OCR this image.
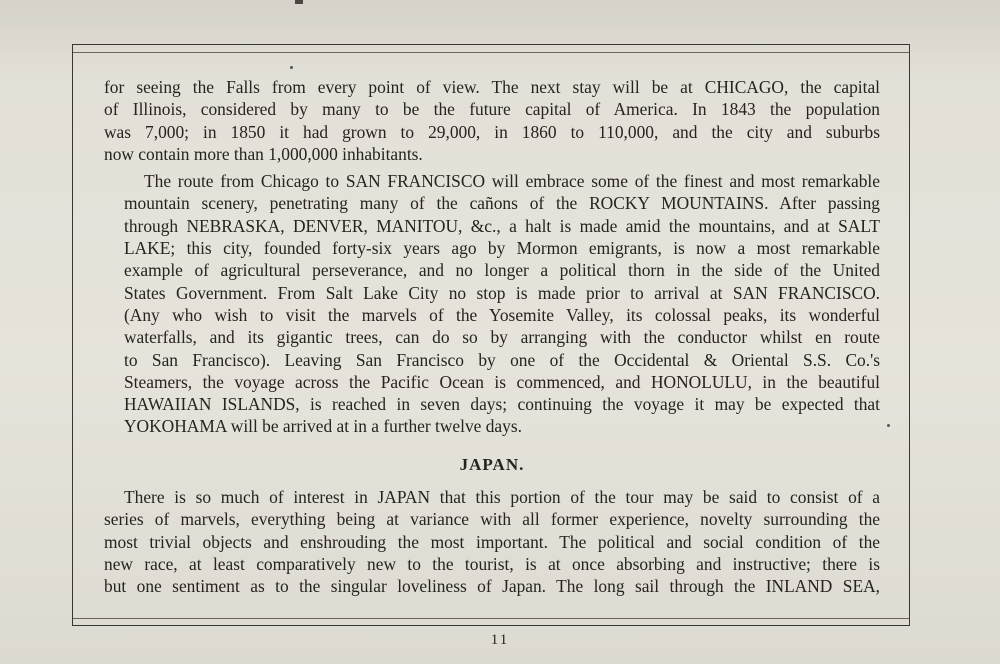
for seeing the Falls from every point of view. The next stay will be at CHICAGO, the capital
of Illinois, considered by many to be the future capital of America. In 1843 the population
was 7,000; in 1850 it had grown to 29,000, in 1860 to 110,000, and the city and suburbs
now contain more than 1,000,000 inhabitants.

The route from Chicago to SAN FRANCISCO will embrace some of the finest and most remarkable
mountain scenery, penetrating many of the cañons of the ROCKY MOUNTAINS. After passing
through NEBRASKA, DENVER, MANITOU, &c., a halt is made amid the mountains, and at SALT
LAKE; this city, founded forty-six years ago by Mormon emigrants, is now a most remarkable
example of agricultural perseverance, and no longer a political thorn in the side of the United
States Government. From Salt Lake City no stop is made prior to arrival at SAN FRANCISCO.
(Any who wish to visit the marvels of the Yosemite Valley, its colossal peaks, its wonderful
waterfalls, and its gigantic trees, can do so by arranging with the conductor whilst en route
to San Francisco). Leaving San Francisco by one of the Occidental & Oriental S.S. Co.'s
Steamers, the voyage across the Pacific Ocean is commenced, and HONOLULU, in the beautiful
HAWAIIAN ISLANDS, is reached in seven days; continuing the voyage it may be expected that
YOKOHAMA will be arrived at in a further twelve days.

JAPAN.
There is so much of interest in JAPAN that this portion of the tour may be said to consist of a
series of marvels, everything being at variance with all former experience, novelty surrounding the
most trivial objects and enshrouding the most important. The political and social condition of the
new race, at least comparatively new to the tourist, is at once absorbing and instructive; there is
but one sentiment as to the singular loveliness of Japan. The long sail through the INLAND SEA,
11
